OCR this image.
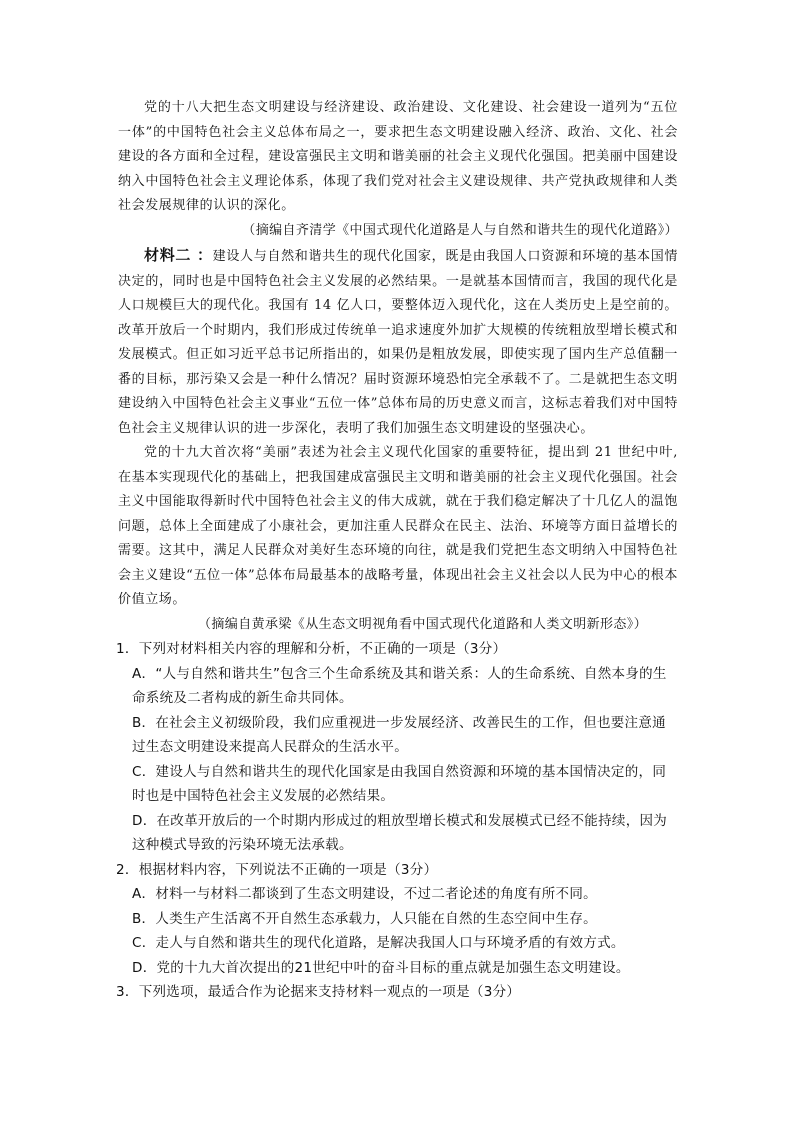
党的十八大把生态文明建设与经济建设、政治建设、文化建设、社会建设一道列为“五位一体”的中国特色社会主义总体布局之一，要求把生态文明建设融入经济、政治、文化、社会建设的各方面和全过程，建设富强民主文明和谐美丽的社会主义现代化强国。把美丽中国建设纳入中国特色社会主义理论体系，体现了我们党对社会主义建设规律、共产党执政规律和人类社会发展规律的认识的深化。

（摘编自齐清学《中国式现代化道路是人与自然和谐共生的现代化道路》）

材料二 ：建设人与自然和谐共生的现代化国家，既是由我国人口资源和环境的基本国情决定的，同时也是中国特色社会主义发展的必然结果。一是就基本国情而言，我国的现代化是人口规模巨大的现代化。我国有 14 亿人口，要整体迈入现代化，这在人类历史上是空前的。改革开放后一个时期内，我们形成过传统单一追求速度外加扩大规模的传统粗放型增长模式和发展模式。但正如习近平总书记所指出的，如果仍是粗放发展，即使实现了国内生产总值翻一番的目标，那污染又会是一种什么情况？届时资源环境恐怕完全承载不了。二是就把生态文明建设纳入中国特色社会主义事业“五位一体”总体布局的历史意义而言，这标志着我们对中国特色社会主义规律认识的进一步深化，表明了我们加强生态文明建设的坚强决心。

党的十九大首次将“美丽”表述为社会主义现代化国家的重要特征，提出到 21 世纪中叶,在基本实现现代化的基础上，把我国建成富强民主文明和谐美丽的社会主义现代化强国。社会主义中国能取得新时代中国特色社会主义的伟大成就，就在于我们稳定解决了十几亿人的温饱问题，总体上全面建成了小康社会，更加注重人民群众在民主、法治、环境等方面日益增长的需要。这其中，满足人民群众对美好生态环境的向往，就是我们党把生态文明纳入中国特色社会主义建设“五位一体”总体布局最基本的战略考量，体现出社会主义社会以人民为中心的根本价值立场。

（摘编自黄承梁《从生态文明视角看中国式现代化道路和人类文明新形态》）

1．下列对材料相关内容的理解和分析，不正确的一项是（3分）

A．“人与自然和谐共生”包含三个生命系统及其和谐关系：人的生命系统、自然本身的生命系统及二者构成的新生命共同体。

B．在社会主义初级阶段，我们应重视进一步发展经济、改善民生的工作，但也要注意通过生态文明建设来提高人民群众的生活水平。

C．建设人与自然和谐共生的现代化国家是由我国自然资源和环境的基本国情决定的，同时也是中国特色社会主义发展的必然结果。

D．在改革开放后的一个时期内形成过的粗放型增长模式和发展模式已经不能持续，因为这种模式导致的污染环境无法承载。

2．根据材料内容，下列说法不正确的一项是（3分）

A．材料一与材料二都谈到了生态文明建设，不过二者论述的角度有所不同。

B．人类生产生活离不开自然生态承载力，人只能在自然的生态空间中生存。

C．走人与自然和谐共生的现代化道路，是解决我国人口与环境矛盾的有效方式。

D．党的十九大首次提出的21世纪中叶的奋斗目标的重点就是加强生态文明建设。

3．下列选项，最适合作为论据来支持材料一观点的一项是（3分）
